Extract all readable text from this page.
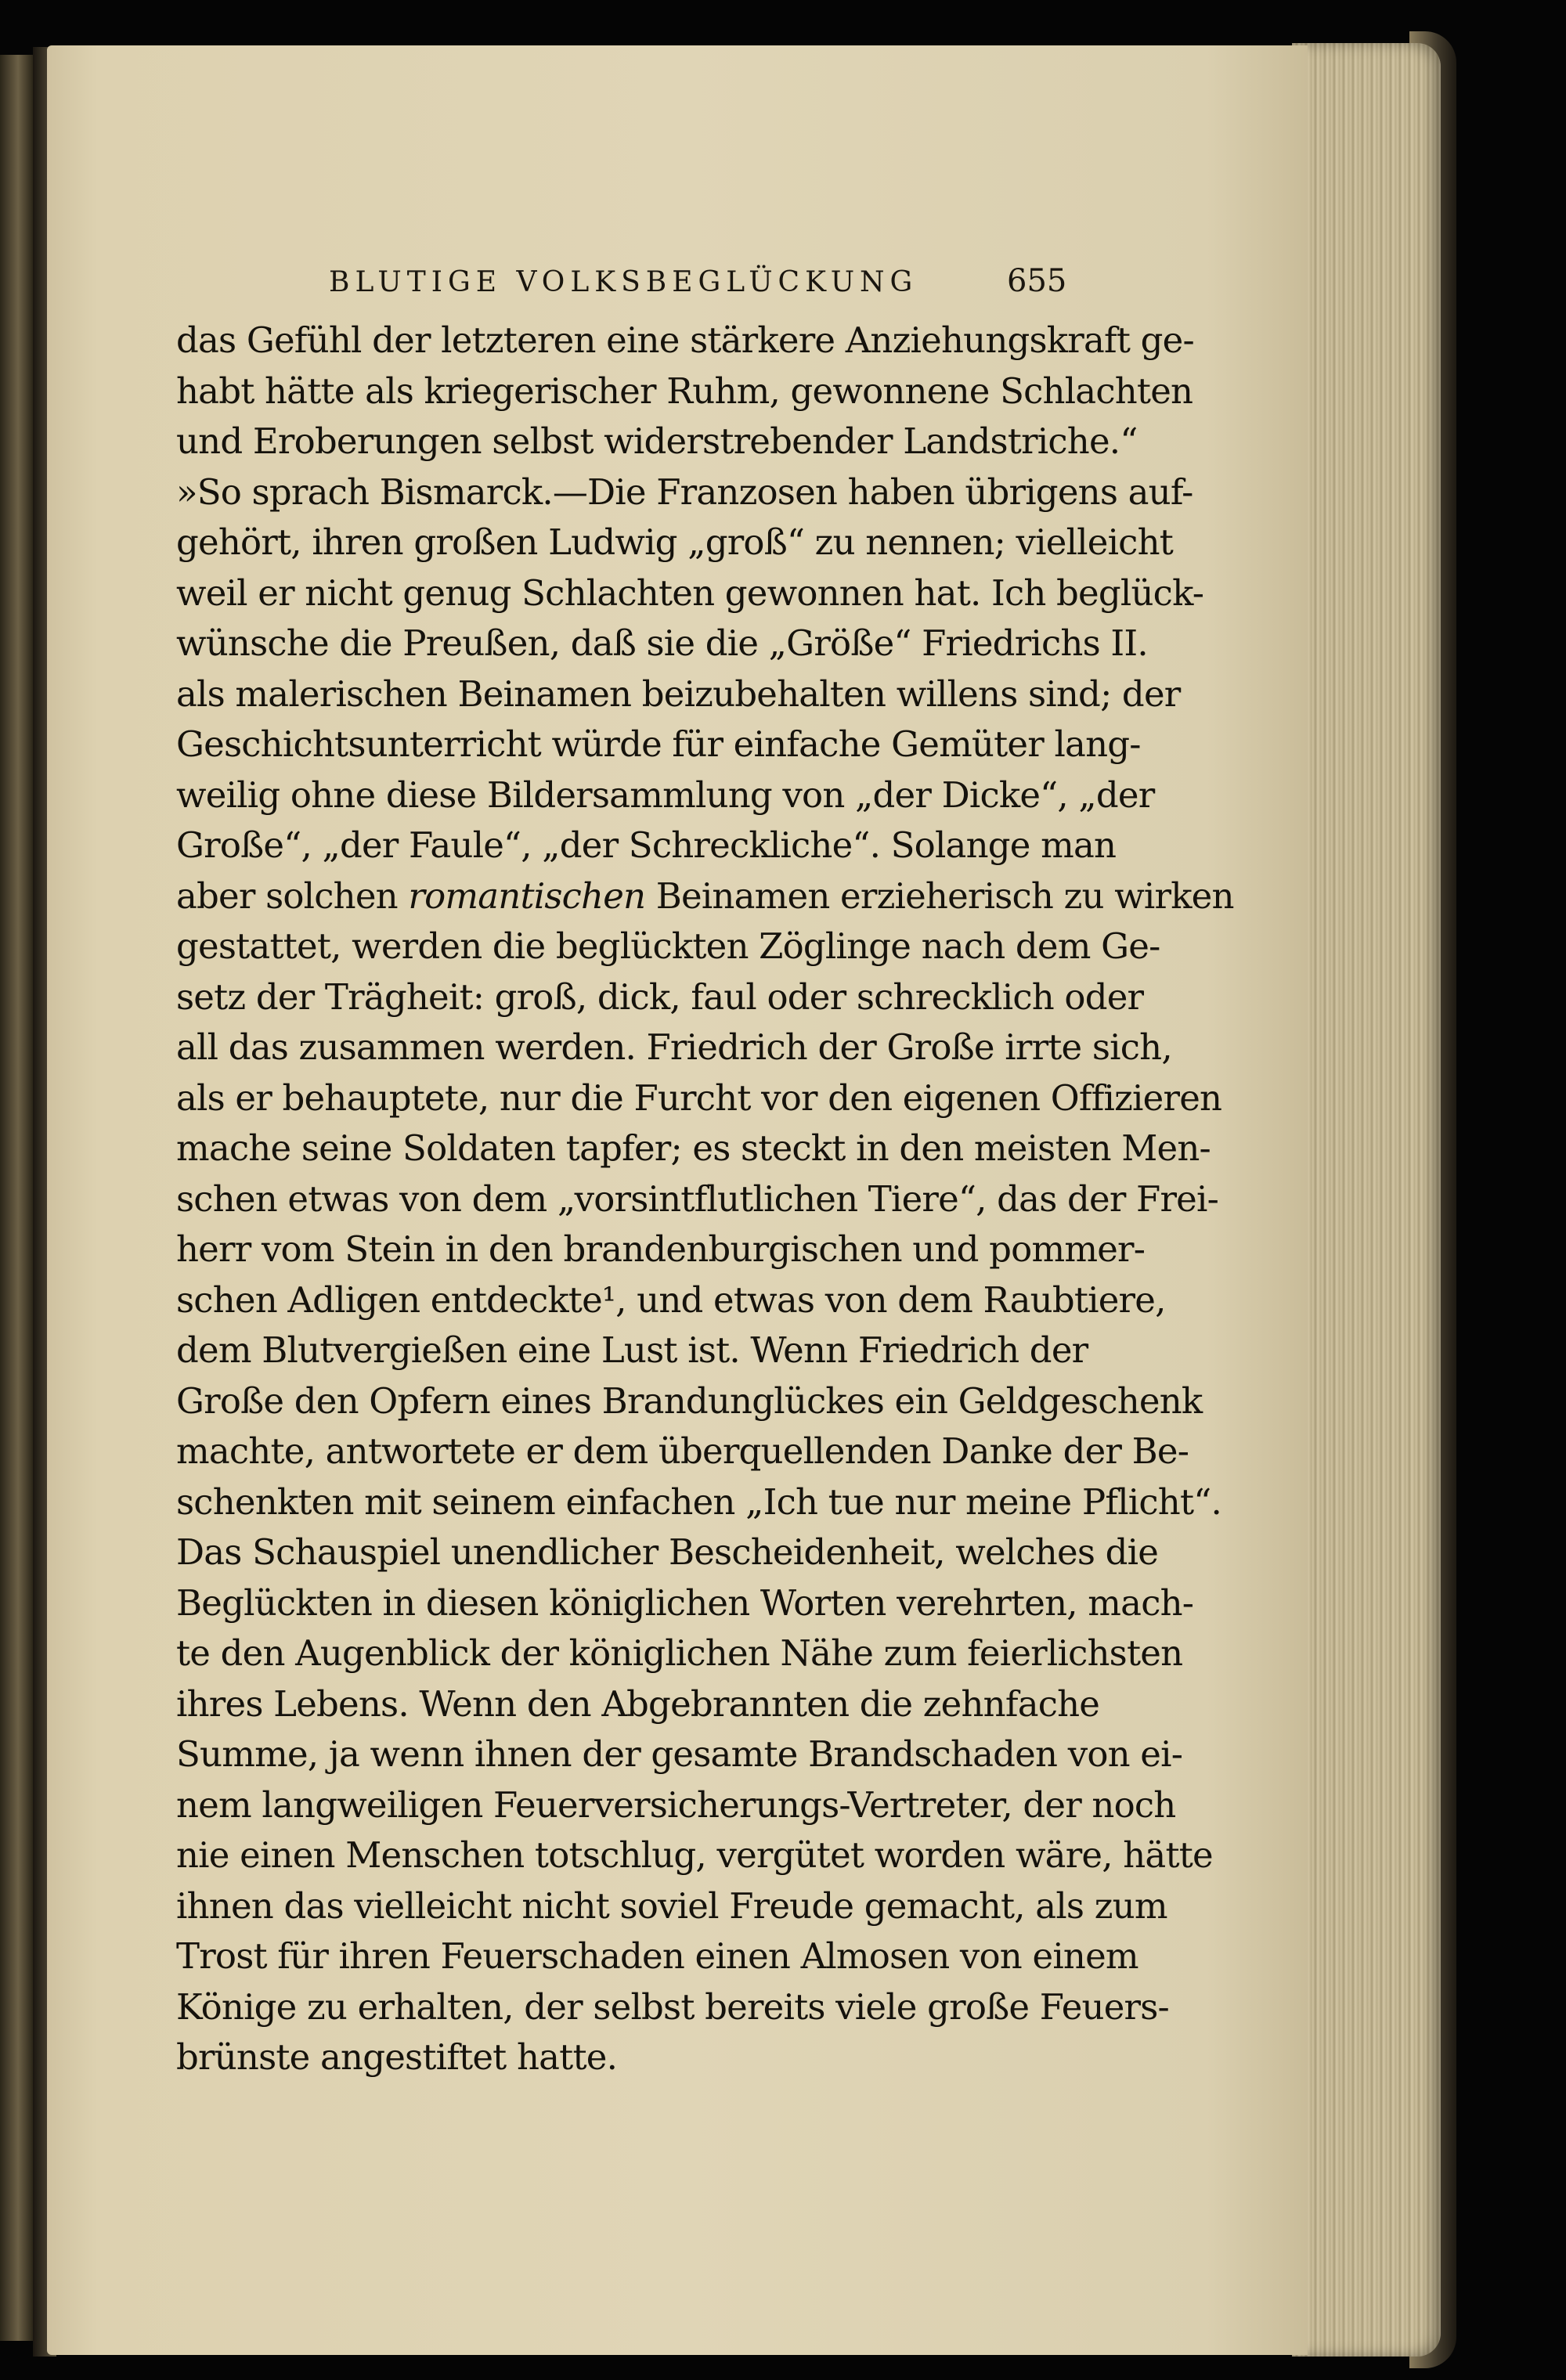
BLUTIGE VOLKSBEGLÜCKUNG	655
das Gefühl der letzteren eine stärkere Anziehungskraft ge-
habt hätte als kriegerischer Ruhm, gewonnene Schlachten
und Eroberungen selbst widerstrebender Landstriche.“
»So sprach Bismarck.—Die Franzosen haben übrigens auf-
gehört, ihren großen Ludwig „groß“ zu nennen; vielleicht
weil er nicht genug Schlachten gewonnen hat. Ich beglück-
wünsche die Preußen, daß sie die „Größe“ Friedrichs II.
als malerischen Beinamen beizubehalten willens sind; der
Geschichtsunterricht würde für einfache Gemüter lang-
weilig ohne diese Bildersammlung von „der Dicke“, „der
Große“, „der Faule“, „der Schreckliche“. Solange man
aber solchen romantischen Beinamen erzieherisch zu wirken
gestattet, werden die beglückten Zöglinge nach dem Ge-
setz der Trägheit: groß, dick, faul oder schrecklich oder
all das zusammen werden. Friedrich der Große irrte sich,
als er behauptete, nur die Furcht vor den eigenen Offizieren
mache seine Soldaten tapfer; es steckt in den meisten Men-
schen etwas von dem „vorsintflutlichen Tiere“, das der Frei-
herr vom Stein in den brandenburgischen und pommer-
schen Adligen entdeckte¹, und etwas von dem Raubtiere,
dem Blutvergießen eine Lust ist. Wenn Friedrich der
Große den Opfern eines Brandunglückes ein Geldgeschenk
machte, antwortete er dem überquellenden Danke der Be-
schenkten mit seinem einfachen „Ich tue nur meine Pflicht“.
Das Schauspiel unendlicher Bescheidenheit, welches die
Beglückten in diesen königlichen Worten verehrten, mach-
te den Augenblick der königlichen Nähe zum feierlichsten
ihres Lebens. Wenn den Abgebrannten die zehnfache
Summe, ja wenn ihnen der gesamte Brandschaden von ei-
nem langweiligen Feuerversicherungs-Vertreter, der noch
nie einen Menschen totschlug, vergütet worden wäre, hätte
ihnen das vielleicht nicht soviel Freude gemacht, als zum
Trost für ihren Feuerschaden einen Almosen von einem
Könige zu erhalten, der selbst bereits viele große Feuers-
brünste angestiftet hatte.
